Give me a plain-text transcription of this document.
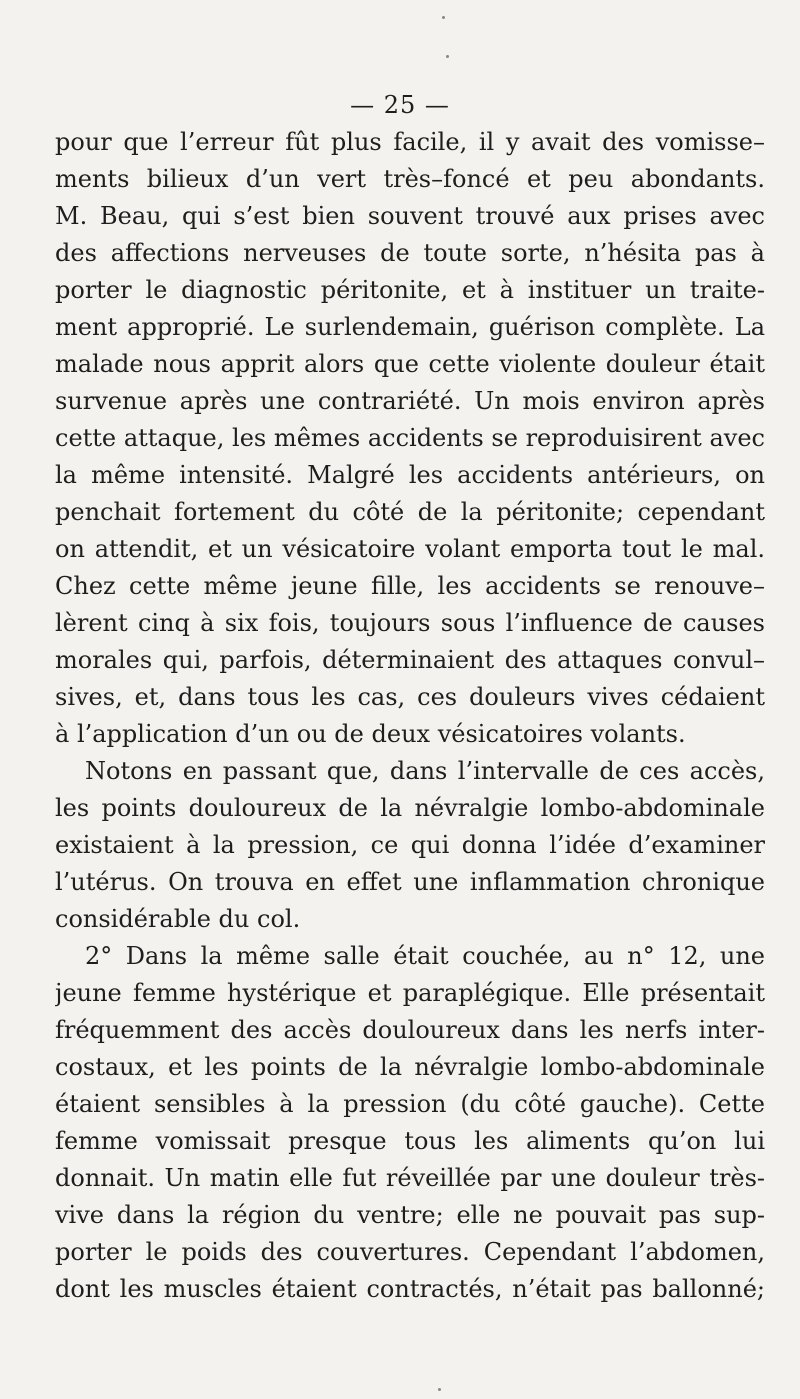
— 25 —
pour que l’erreur fût plus facile, il y avait des vomisse–
ments bilieux d’un vert très–foncé et peu abondants.
M. Beau, qui s’est bien souvent trouvé aux prises avec
des affections nerveuses de toute sorte, n’hésita pas à
porter le diagnostic péritonite, et à instituer un traite-
ment approprié. Le surlendemain, guérison complète. La
malade nous apprit alors que cette violente douleur était
survenue après une contrariété. Un mois environ après
cette attaque, les mêmes accidents se reproduisirent avec
la même intensité. Malgré les accidents antérieurs, on
penchait fortement du côté de la péritonite; cependant
on attendit, et un vésicatoire volant emporta tout le mal.
Chez cette même jeune fille, les accidents se renouve–
lèrent cinq à six fois, toujours sous l’influence de causes
morales qui, parfois, déterminaient des attaques convul–
sives, et, dans tous les cas, ces douleurs vives cédaient
à l’application d’un ou de deux vésicatoires volants.
Notons en passant que, dans l’intervalle de ces accès,
les points douloureux de la névralgie lombo-abdominale
existaient à la pression, ce qui donna l’idée d’examiner
l’utérus. On trouva en effet une inflammation chronique
considérable du col.
2° Dans la même salle était couchée, au n° 12, une
jeune femme hystérique et paraplégique. Elle présentait
fréquemment des accès douloureux dans les nerfs inter-
costaux, et les points de la névralgie lombo-abdominale
étaient sensibles à la pression (du côté gauche). Cette
femme vomissait presque tous les aliments qu’on lui
donnait. Un matin elle fut réveillée par une douleur très-
vive dans la région du ventre; elle ne pouvait pas sup-
porter le poids des couvertures. Cependant l’abdomen,
dont les muscles étaient contractés, n’était pas ballonné;
